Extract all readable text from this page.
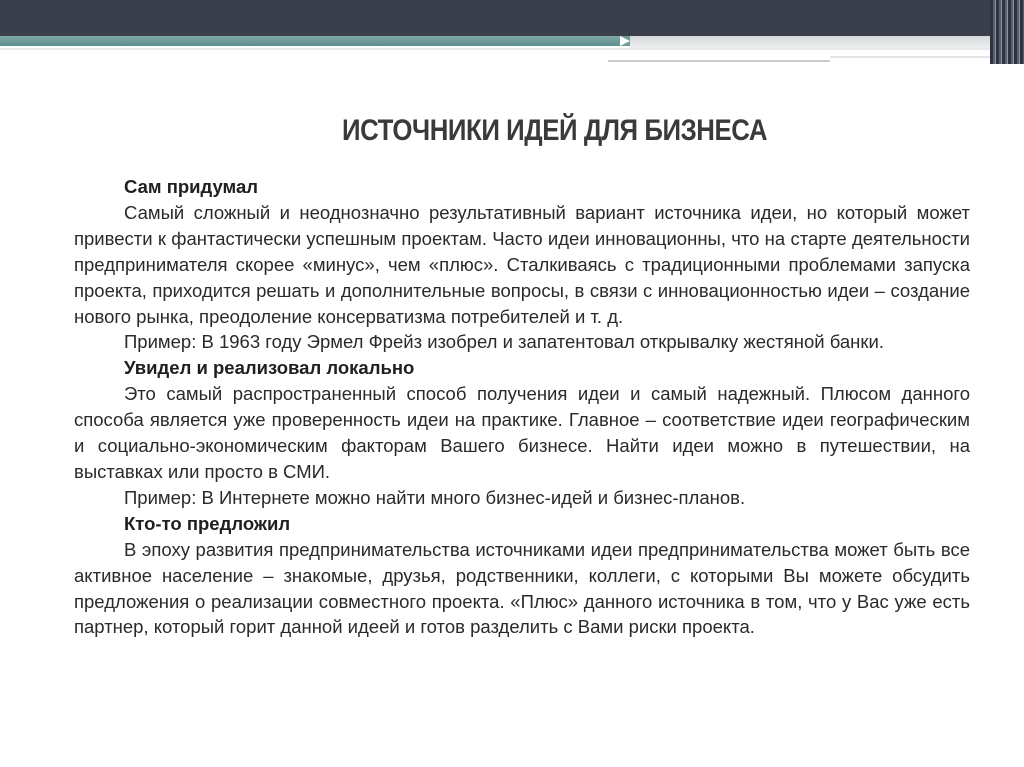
ИСТОЧНИКИ ИДЕЙ ДЛЯ БИЗНЕСА

Сам придумал

Самый сложный и неоднозначно результативный вариант источника идеи, но который может привести к фантастически успешным проектам. Часто идеи инновационны, что на старте деятельности предпринимателя скорее «минус», чем «плюс». Сталкиваясь с традиционными проблемами запуска проекта, приходится решать и дополнительные вопросы, в связи с инновационностью идеи – создание нового рынка, преодоление консерватизма потребителей и т. д.

Пример: В 1963 году Эрмел Фрейз изобрел и запатентовал открывалку жестяной банки.

Увидел и реализовал локально

Это самый распространенный способ получения идеи и самый надежный. Плюсом данного способа является уже проверенность идеи на практике. Главное – соответствие идеи географическим и социально-экономическим факторам Вашего бизнесе. Найти идеи можно в путешествии, на выставках или просто в СМИ.

Пример: В Интернете можно найти много бизнес-идей и бизнес-планов.

Кто-то предложил

В эпоху развития предпринимательства источниками идеи предпринимательства может быть все активное население – знакомые, друзья, родственники, коллеги, с которыми Вы можете обсудить предложения о реализации совместного проекта. «Плюс» данного источника в том, что у Вас уже есть партнер, который горит данной идеей и готов разделить с Вами риски проекта.
